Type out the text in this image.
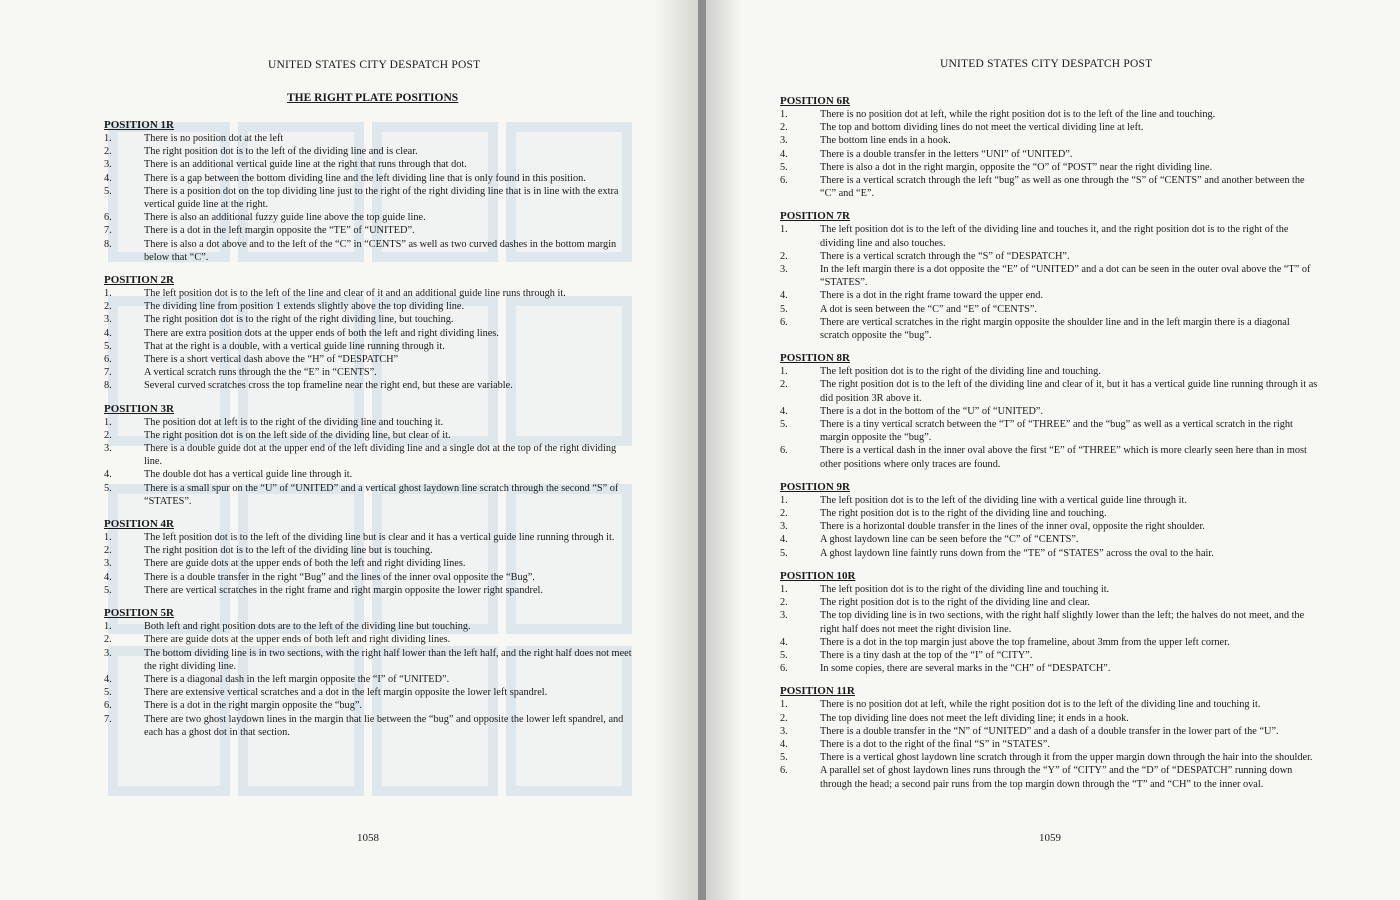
UNITED STATES CITY DESPATCH POST
THE RIGHT PLATE POSITIONS
POSITION 1R
1.	There is no position dot at the left
2.	The right position dot is to the left of the dividing line and is clear.
3.	There is an additional vertical guide line at the right that runs through that dot.
4.	There is a gap between the bottom dividing line and the left dividing line that is only found in this position.
5.	There is a position dot on the top dividing line just to the right of the right dividing line that is in line with the extra vertical guide line at the right.
6.	There is also an additional fuzzy guide line above the top guide line.
7.	There is a dot in the left margin opposite the “TE” of “UNITED”.
8.	There is also a dot above and to the left of the “C” in “CENTS” as well as two curved dashes in the bottom margin below that “C”.
POSITION 2R
1.	The left position dot is to the left of the line and clear of it and an additional guide line runs through it.
2.	The dividing line from position 1 extends slightly above the top dividing line.
3.	The right position dot is to the right of the right dividing line, but touching.
4.	There are extra position dots at the upper ends of both the left and right dividing lines.
5.	That at the right is a double, with a vertical guide line running through it.
6.	There is a short vertical dash above the “H” of “DESPATCH”
7.	A vertical scratch runs through the the “E” in “CENTS”.
8.	Several curved scratches cross the top frameline near the right end, but these are variable.
POSITION 3R
1.	The position dot at left is to the right of the dividing line and touching it.
2.	The right position dot is on the left side of the dividing line, but clear of it.
3.	There is a double guide dot at the upper end of the left dividing line and a single dot at the top of the right dividing line.
4.	The double dot has a vertical guide line through it.
5.	There is a small spur on the “U” of “UNITED” and a vertical ghost laydown line scratch through the second “S” of “STATES”.
POSITION 4R
1.	The left position dot is to the left of the dividing line but is clear and it has a vertical guide line running through it.
2.	The right position dot is to the left of the dividing line but is touching.
3.	There are guide dots at the upper ends of both the left and right dividing lines.
4.	There is a double transfer in the right “Bug” and the lines of the inner oval opposite the “Bug”.
5.	There are vertical scratches in the right frame and right margin opposite the lower right spandrel.
POSITION 5R
1.	Both left and right position dots are to the left of the dividing line but touching.
2.	There are guide dots at the upper ends of both left and right dividing lines.
3.	The bottom dividing line is in two sections, with the right half lower than the left half, and the right half does not meet the right dividing line.
4.	There is a diagonal dash in the left margin opposite the “I” of “UNITED”.
5.	There are extensive vertical scratches and a dot in the left margin opposite the lower left spandrel.
6.	There is a dot in the right margin opposite the “bug”.
7.	There are two ghost laydown lines in the margin that lie between the “bug” and opposite the lower left spandrel, and each has a ghost dot in that section.
1058
UNITED STATES CITY DESPATCH POST
POSITION 6R
1.	There is no position dot at left, while the right position dot is to the left of the line and touching.
2.	The top and bottom dividing lines do not meet the vertical dividing line at left.
3.	The bottom line ends in a hook.
4.	There is a double transfer in the letters “UNI” of “UNITED”.
5.	There is also a dot in the right margin, opposite the “O” of “POST” near the right dividing line.
6.	There is a vertical scratch through the left “bug” as well as one through the “S” of “CENTS” and another between the “C” and “E”.
POSITION 7R
1.	The left position dot is to the left of the dividing line and touches it, and the right position dot is to the right of the dividing line and also touches.
2.	There is a vertical scratch through the “S” of “DESPATCH”.
3.	In the left margin there is a dot opposite the “E” of “UNITED” and a dot can be seen in the outer oval above the “T” of “STATES”.
4.	There is a dot in the right frame toward the upper end.
5.	A dot is seen between the “C” and “E” of “CENTS”.
6.	There are vertical scratches in the right margin opposite the shoulder line and in the left margin there is a diagonal scratch opposite the “bug”.
POSITION 8R
1.	The left position dot is to the right of the dividing line and touching.
2.	The right position dot is to the left of the dividing line and clear of it, but it has a vertical guide line running through it as did position 3R above it.
4.	There is a dot in the bottom of the “U” of “UNITED”.
5.	There is a tiny vertical scratch between the “T” of “THREE” and the “bug” as well as a vertical scratch in the right margin opposite the “bug”.
6.	There is a vertical dash in the inner oval above the first “E” of “THREE” which is more clearly seen here than in most other positions where only traces are found.
POSITION 9R
1.	The left position dot is to the left of the dividing line with a vertical guide line through it.
2.	The right position dot is to the right of the dividing line and touching.
3.	There is a horizontal double transfer in the lines of the inner oval, opposite the right shoulder.
4.	A ghost laydown line can be seen before the “C” of “CENTS”.
5.	A ghost laydown line faintly runs down from the “TE” of “STATES” across the oval to the hair.
POSITION 10R
1.	The left position dot is to the right of the dividing line and touching it.
2.	The right position dot is to the right of the dividing line and clear.
3.	The top dividing line is in two sections, with the right half slightly lower than the left; the halves do not meet, and the right half does not meet the right division line.
4.	There is a dot in the top margin just above the top frameline, about 3mm from the upper left corner.
5.	There is a tiny dash at the top of the “I” of “CITY”.
6.	In some copies, there are several marks in the “CH” of “DESPATCH”.
POSITION 11R
1.	There is no position dot at left, while the right position dot is to the left of the dividing line and touching it.
2.	The top dividing line does not meet the left dividing line; it ends in a hook.
3.	There is a double transfer in the “N” of “UNITED” and a dash of a double transfer in the lower part of the “U”.
4.	There is a dot to the right of the final “S” in “STATES”.
5.	There is a vertical ghost laydown line scratch through it from the upper margin down through the hair into the shoulder.
6.	A parallel set of ghost laydown lines runs through the “Y” of “CITY” and the “D” of “DESPATCH” running down through the head; a second pair runs from the top margin down through the “T” and “CH” to the inner oval.
1059
